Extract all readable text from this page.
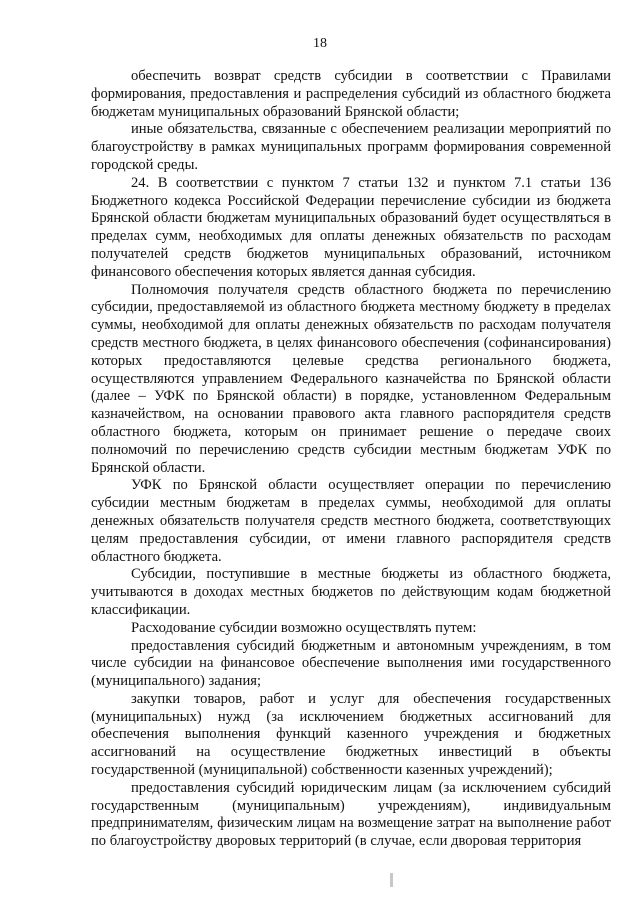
18

обеспечить возврат средств субсидии в соответствии с Правилами формирования, предоставления и распределения субсидий из областного бюджета бюджетам муниципальных образований Брянской области;

иные обязательства, связанные с обеспечением реализации мероприятий по благоустройству в рамках муниципальных программ формирования современной городской среды.

24. В соответствии с пунктом 7 статьи 132 и пунктом 7.1 статьи 136 Бюджетного кодекса Российской Федерации перечисление субсидии из бюджета Брянской области бюджетам муниципальных образований будет осуществляться в пределах сумм, необходимых для оплаты денежных обязательств по расходам получателей средств бюджетов муниципальных образований, источником финансового обеспечения которых является данная субсидия.

Полномочия получателя средств областного бюджета по перечислению субсидии, предоставляемой из областного бюджета местному бюджету в пределах суммы, необходимой для оплаты денежных обязательств по расходам получателя средств местного бюджета, в целях финансового обеспечения (софинансирования) которых предоставляются целевые средства регионального бюджета, осуществляются управлением Федерального казначейства по Брянской области (далее – УФК по Брянской области) в порядке, установленном Федеральным казначейством, на основании правового акта главного распорядителя средств областного бюджета, которым он принимает решение о передаче своих полномочий по перечислению средств субсидии местным бюджетам УФК по Брянской области.

УФК по Брянской области осуществляет операции по перечислению субсидии местным бюджетам в пределах суммы, необходимой для оплаты денежных обязательств получателя средств местного бюджета, соответствующих целям предоставления субсидии, от имени главного распорядителя средств областного бюджета.

Субсидии, поступившие в местные бюджеты из областного бюджета, учитываются в доходах местных бюджетов по действующим кодам бюджетной классификации.

Расходование субсидии возможно осуществлять путем:

предоставления субсидий бюджетным и автономным учреждениям, в том числе субсидии на финансовое обеспечение выполнения ими государственного (муниципального) задания;

закупки товаров, работ и услуг для обеспечения государственных (муниципальных) нужд (за исключением бюджетных ассигнований для обеспечения выполнения функций казенного учреждения и бюджетных ассигнований на осуществление бюджетных инвестиций в объекты государственной (муниципальной) собственности казенных учреждений);

предоставления субсидий юридическим лицам (за исключением субсидий государственным (муниципальным) учреждениям), индивидуальным предпринимателям, физическим лицам на возмещение затрат на выполнение работ по благоустройству дворовых территорий (в случае, если дворовая территория
